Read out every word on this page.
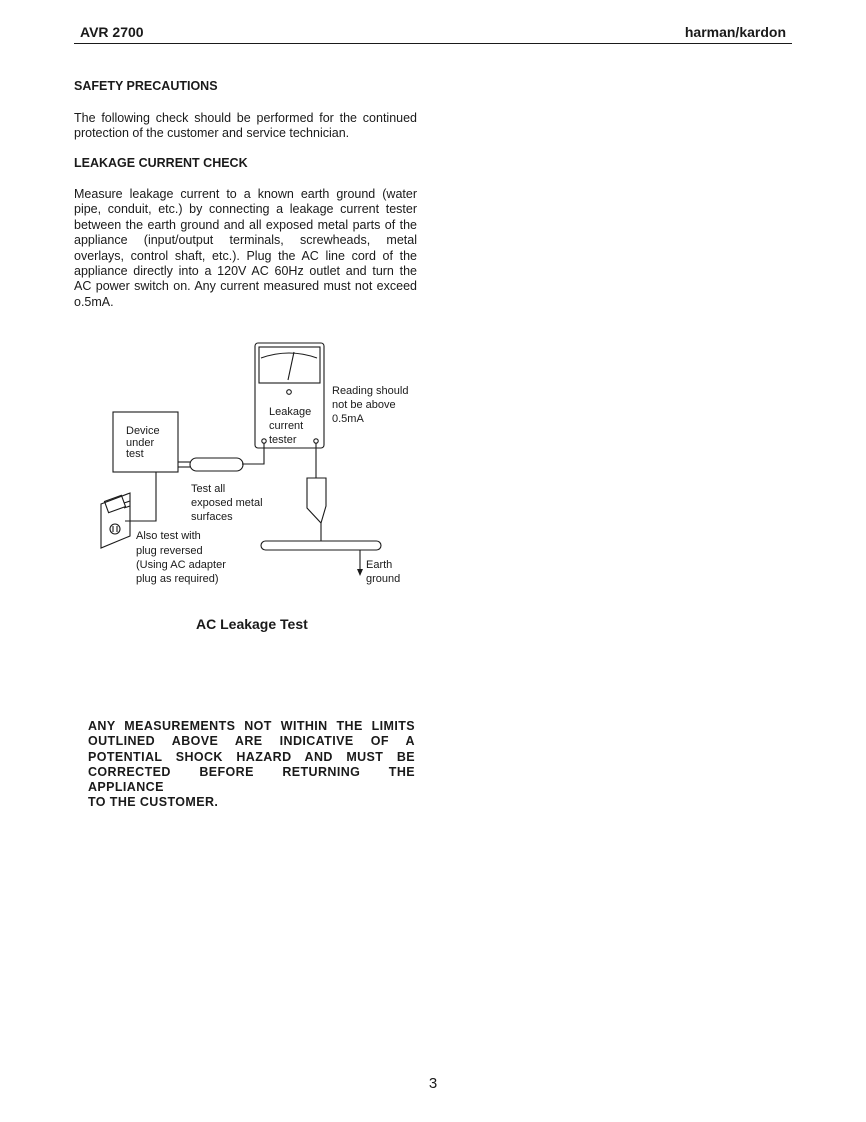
AVR 2700	harman/kardon
SAFETY PRECAUTIONS

The following check should be performed for the continued
protection of the customer and service technician.

LEAKAGE CURRENT CHECK

Measure leakage current to a known earth ground (water
pipe, conduit, etc.) by connecting a leakage current tester
between the earth ground and all exposed metal parts of the
appliance (input/output terminals, screwheads, metal
overlays, control shaft, etc.). Plug the AC line cord of the
appliance directly into a 120V AC 60Hz outlet and turn the
AC power switch on. Any current measured must not exceed
o.5mA.

Device
under
test
Leakage
current
tester
Reading should
not be above
0.5mA
Test all
exposed metal
surfaces
Also test with
plug reversed
(Using AC adapter
plug as required)
Earth
ground
AC Leakage Test

ANY MEASUREMENTS NOT WITHIN THE LIMITS
OUTLINED ABOVE ARE INDICATIVE OF A
POTENTIAL SHOCK HAZARD AND MUST BE
CORRECTED BEFORE RETURNING THE APPLIANCE
TO THE CUSTOMER.

3
